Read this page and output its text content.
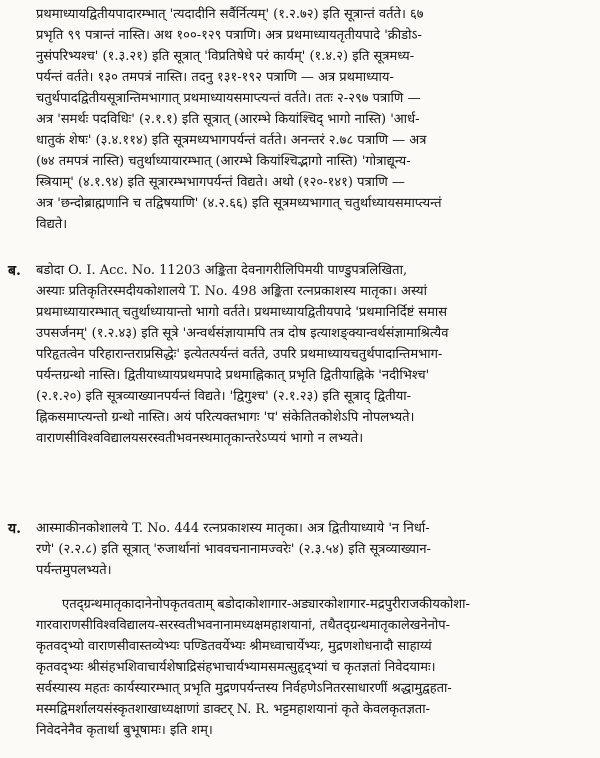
प्रथमाध्यायद्वितीयपादारम्भात् 'त्यदादीनि सर्वैर्नित्यम्' (१.२.७२) इति सूत्रान्तं वर्तते। ६७
प्रभृति ९९ पत्रान्तं नास्ति। अथ १००-१२९ पत्राणि। अत्र प्रथमाध्यायतृतीयपादे 'क्रीडोऽ-
नुसंपरिभ्यश्च' (१.३.२१) इति सूत्रात् 'विप्रतिषेधे परं कार्यम्' (१.४.२) इति सूत्रमध्य-
पर्यन्तं वर्तते। १३० तमपत्रं नास्ति। तदनु १३१-१९२ पत्राणि — अत्र प्रथमाध्याय-
चतुर्थपादद्वितीयसूत्रान्तिमभागात् प्रथमाध्यायसमाप्त्यन्तं वर्तते। ततः २-२९७ पत्राणि —
अत्र 'समर्थः पदविधिः' (२.१.१) इति सूत्रात् (आरम्भे कियांश्चिद् भागो नास्ति) 'आर्ध-
धातुकं शेषः' (३.४.११४) इति सूत्रमध्यभागपर्यन्तं वर्तते। अनन्तरं २.७८ पत्राणि — अत्र
(७४ तमपत्रं नास्ति) चतुर्थाध्यायारम्भात् (आरम्भे कियांश्चिद्भागो नास्ति) 'गोत्राद्यून्य-
स्त्रियाम्' (४.१.९४) इति सूत्रारम्भभागपर्यन्तं विद्यते। अथो (१२०-१४१) पत्राणि —
अत्र 'छन्दोब्राह्मणानि च तद्विषयाणि' (४.२.६६) इति सूत्रमध्यभागात् चतुर्थाध्यायसमाप्त्यन्तं
विद्यते।
ब. बडोदा O. I. Acc. No. 11203 अङ्किता देवनागरीलिपिमयी पाण्डुपत्रलिखिता,
अस्याः प्रतिकृतिरस्मदीयकोशालये T. No. 498 अङ्किता रत्नप्रकाशस्य मातृका। अस्यां
प्रथमाध्यायारम्भात् चतुर्थाध्यायान्तो भागो वर्तते। प्रथमाध्यायद्वितीयपादे 'प्रथमानिर्दिष्टं समास
उपसर्जनम्' (१.२.४३) इति सूत्रे 'अन्वर्थसंज्ञायामपि तत्र दोष इत्याशङ्क्यान्वर्थसंज्ञामाश्रित्यैव
परिहृतत्वेन परिहारान्तराप्रसिद्धेः' इत्येतत्पर्यन्तं वर्तते, उपरि प्रथमाध्यायचतुर्थपादान्तिमभाग-
पर्यन्तग्रन्थो नास्ति। द्वितीयाध्यायप्रथमपादे प्रथमाह्निकात् प्रभृति द्वितीयाह्निके 'नदीभिश्च'
(२.१.२०) इति सूत्रव्याख्यानपर्यन्तं विद्यते। 'द्विगुश्च' (२.१.२३) इति सूत्राद् द्वितीया-
ह्निकसमाप्त्यन्तो ग्रन्थो नास्ति। अयं परित्यक्तभागः 'प' संकेतितकोशेऽपि नोपलभ्यते।
वाराणसीविश्वविद्यालयसरस्वतीभवनस्थमातृकान्तरेऽप्ययं भागो न लभ्यते।
य. आस्माकीनकोशालये T. No. 444 रत्नप्रकाशस्य मातृका। अत्र द्वितीयाध्याये 'न निर्धा-
रणे' (२.२.८) इति सूत्रात् 'रुजार्थानां भाववचनानामज्वरेः' (२.३.५४) इति सूत्रव्याख्यान-
पर्यन्तमुपलभ्यते।
एतद्ग्रन्थमातृकादानेनोपकृतवताम् बडोदाकोशागार-अड्यारकोशागार-मद्रपुरीराजकीयकोशा-
गारवाराणसीविश्वविद्यालय-सरस्वतीभवनानामध्यक्षमहाशयानां, तथैतद्ग्रन्थमातृकालेखनेनोप-
कृतवद्भ्यो वाराणसीवास्तव्येभ्यः पण्डितवर्येभ्यः श्रीमध्वाचार्येभ्यः, मुद्रणशोधनादौ साहाय्यं
कृतवद्भ्यः श्रीसंहभशिवाचार्यशेषाद्रिसंहभाचार्यभ्यामसमत्सुहृद्भ्यां च कृतज्ञतां निवेदयामः।
सर्वस्यास्य महतः कार्यस्यारम्भात् प्रभृति मुद्रणपर्यन्तस्य निर्वहणेऽनितरसाधारणीं श्रद्धामुद्वहता-
मस्मद्विमर्शालयसंस्कृतशाखाध्यक्षाणां डाक्टर् N. R. भट्टमहाशयानां कृते केवलकृतज्ञता-
निवेदनेनैव कृतार्था बुभूषामः। इति शम्।
